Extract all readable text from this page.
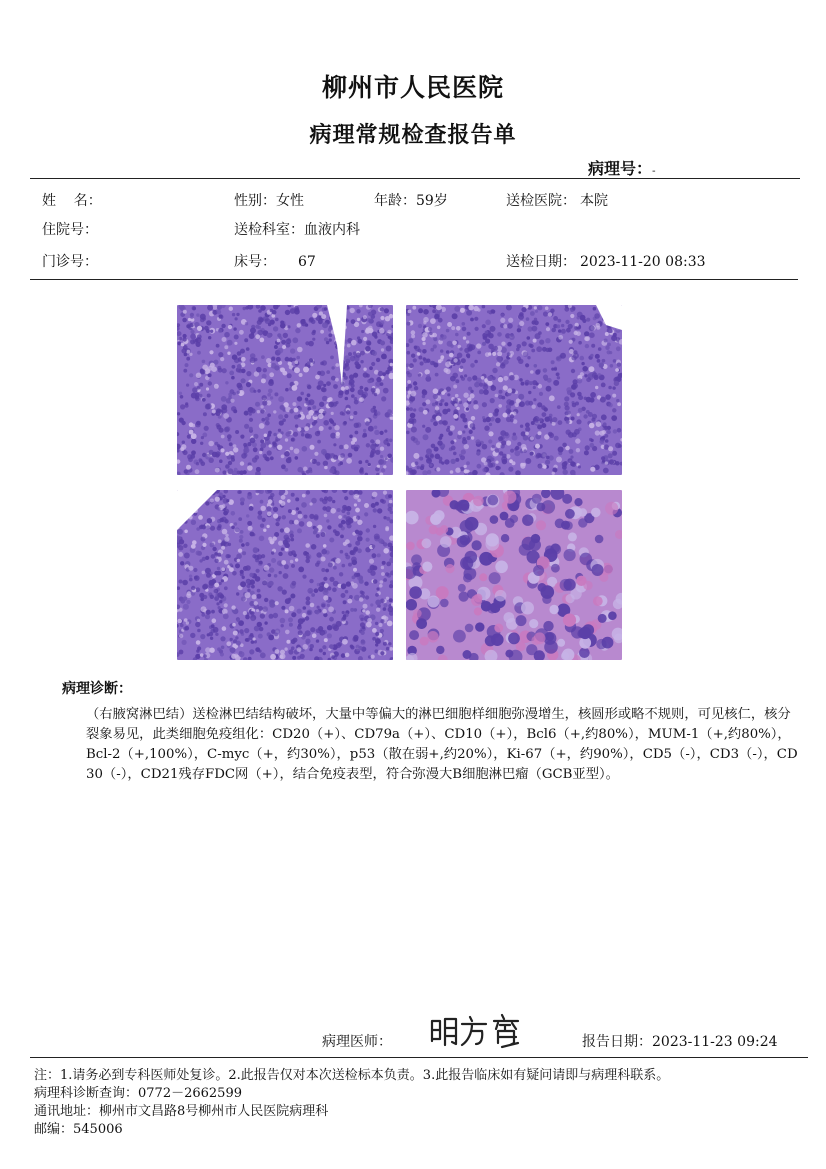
柳州市人民医院
病理常规检查报告单
病理号：-
姓    名：	性别：女性	年龄：59岁	送检医院： 本院
住院号：	送检科室：血液内科
门诊号：	床号： 67	送检日期： 2023-11-20 08:33
病理诊断：
（右腋窝淋巴结）送检淋巴结结构破坏，大量中等偏大的淋巴细胞样细胞弥漫增生，核圆形或略不规则，可见核仁，核分裂象易见，此类细胞免疫组化：CD20（+）、CD79a（+）、CD10（+），Bcl6（+,约80%），MUM-1（+,约80%），Bcl-2（+,100%），C-myc（+，约30%），p53（散在弱+,约20%），Ki-67（+，约90%），CD5（-），CD3（-），CD30（-），CD21残存FDC网（+），结合免疫表型，符合弥漫大B细胞淋巴瘤（GCB亚型）。
病理医师：	报告日期：2023-11-23 09:24
注：1.请务必到专科医师处复诊。2.此报告仅对本次送检标本负责。3.此报告临床如有疑问请即与病理科联系。
病理科诊断查询：0772－2662599
通讯地址：柳州市文昌路8号柳州市人民医院病理科
邮编：545006
